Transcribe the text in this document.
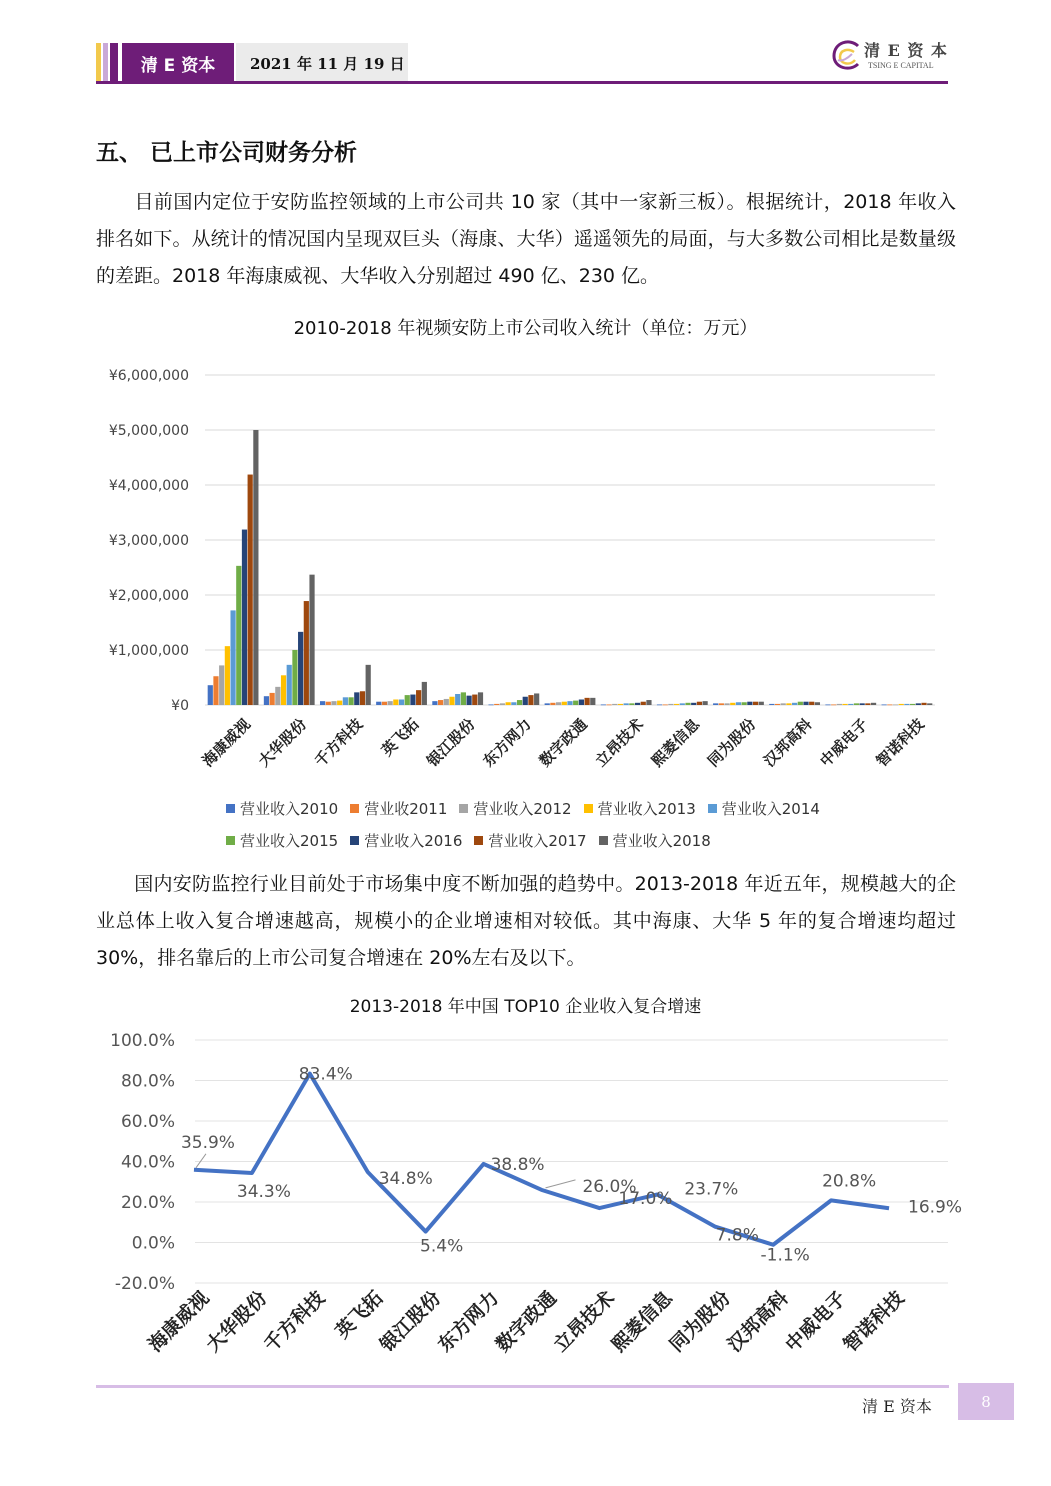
清 E 资本	2021 年 11 月 19 日
清 E 资 本
TSING E CAPITAL
五、 已上市公司财务分析
目前国内定位于安防监控领域的上市公司共 10 家（其中一家新三板）。根据统计，2018 年收入排名如下。从统计的情况国内呈现双巨头（海康、大华）遥遥领先的局面，与大多数公司相比是数量级的差距。2018 年海康威视、大华收入分别超过 490 亿、230 亿。
2010-2018 年视频安防上市公司收入统计（单位：万元）
¥0
¥1,000,000
¥2,000,000
¥3,000,000
¥4,000,000
¥5,000,000
¥6,000,000
海康威视 大华股份 千方科技 英飞拓 银江股份 东方网力 数字政通 立昂技术 熙菱信息 同为股份 汉邦高科 中威电子 智诺科技
营业收入2010 营业收2011 营业收入2012 营业收入2013 营业收入2014
营业收入2015 营业收入2016 营业收入2017 营业收入2018
国内安防监控行业目前处于市场集中度不断加强的趋势中。2013-2018 年近五年，规模越大的企业总体上收入复合增速越高，规模小的企业增速相对较低。其中海康、大华 5 年的复合增速均超过 30%，排名靠后的上市公司复合增速在 20%左右及以下。
2013-2018 年中国 TOP10 企业收入复合增速
-20.0%
0.0%
20.0%
40.0%
60.0%
80.0%
100.0%
35.9%
海康威视
34.3%
大华股份
83.4%
千方科技
34.8%
英飞拓
5.4%
银江股份
38.8%
东方网力
26.0%
数字政通
17.0%
立昂技术
23.7%
熙菱信息
7.8%
同为股份
-1.1%
汉邦高科
20.8%
中威电子
16.9%
智诺科技
清 E 资本	8
